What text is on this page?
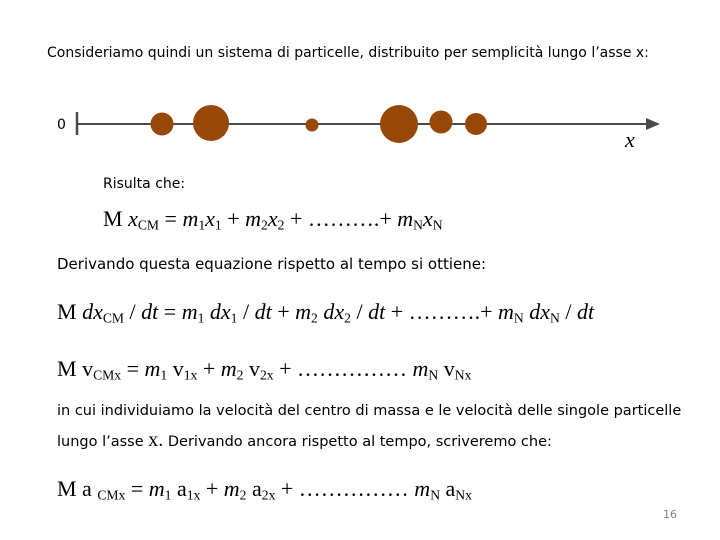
Consideriamo quindi un sistema di particelle, distribuito per semplicità lungo l’asse x:
0
x
Risulta che:
M $x_{CM} = m_1x_1 + m_2x_2$ + ……….+ $m_Nx_N$
Derivando questa equazione rispetto al tempo si ottiene:
M $dx_{CM}$ / dt = $m_1$ $dx_1$ / dt + $m_2$ $dx_2$ / dt + ……….+ $m_N$ $dx_N$ / dt
M $v_{CMx} = m_1$ $v_{1x} + m_2$ $v_{2x}$ + …………… $m_N$ $v_{Nx}$
in cui individuiamo la velocità del centro di massa e le velocità delle singole particelle
lungo l’asse x. Derivando ancora rispetto al tempo, scriveremo che:
M a $_{CMx} = m_1$ $a_{1x} + m_2$ $a_{2x}$ + …………… $m_N$ $a_{Nx}$
16
